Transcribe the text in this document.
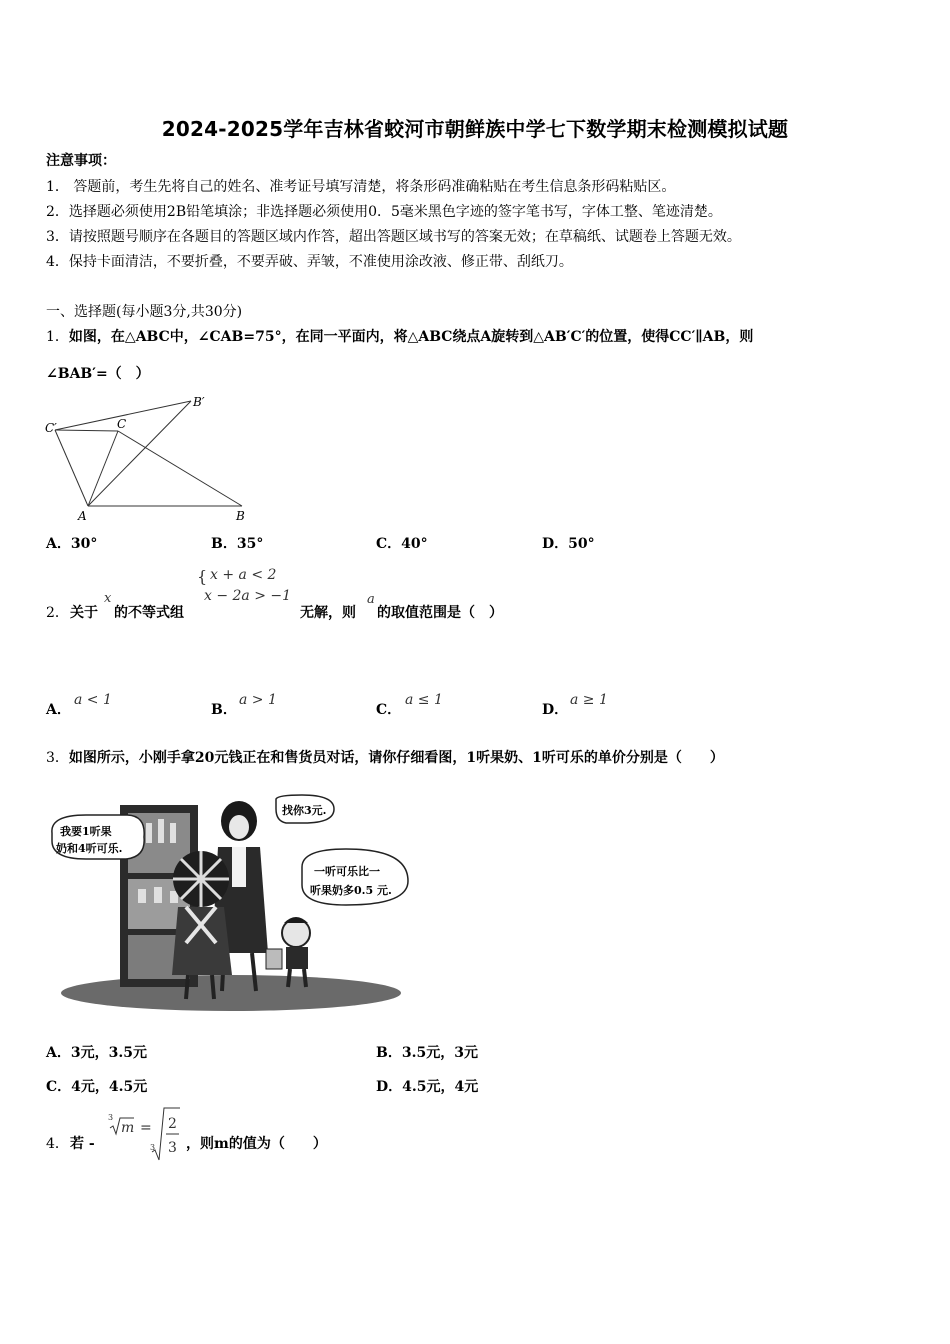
2024-2025学年吉林省蛟河市朝鲜族中学七下数学期末检测模拟试题
注意事项：
1． 答题前，考生先将自己的姓名、准考证号填写清楚，将条形码准确粘贴在考生信息条形码粘贴区。
2．选择题必须使用2B铅笔填涂；非选择题必须使用0．5毫米黑色字迹的签字笔书写，字体工整、笔迹清楚。
3．请按照题号顺序在各题目的答题区域内作答，超出答题区域书写的答案无效；在草稿纸、试题卷上答题无效。
4．保持卡面清洁，不要折叠，不要弄破、弄皱，不准使用涂改液、修正带、刮纸刀。
一、选择题(每小题3分,共30分)
1．如图，在△ABC中，∠CAB=75°，在同一平面内，将△ABC绕点A旋转到△AB′C′的位置，使得CC′∥AB，则
∠BAB′=（　）
B′
C′	C
A	B
A．30°	B．35°	C．40°	D．50°
2． 关于
x
的不等式组
{ x + a < 2
x − 2a > −1
无解，则
a
的取值范围是（　）
A．
a < 1
B．
a > 1
C．
a ≤ 1
D．
a ≥ 1
3．如图所示，小刚手拿20元钱正在和售货员对话，请你仔细看图，1听果奶、1听可乐的单价分别是（　　）
我要1听果
奶和4听可乐.
找你3元.
一听可乐比一
听果奶多0.5 元.
A．3元，3.5元	B．3.5元，3元
C．4元，4.5元	D．4.5元，4元
4． 若 -
3
m =
3
2
3 ，则m的值为（　　）
